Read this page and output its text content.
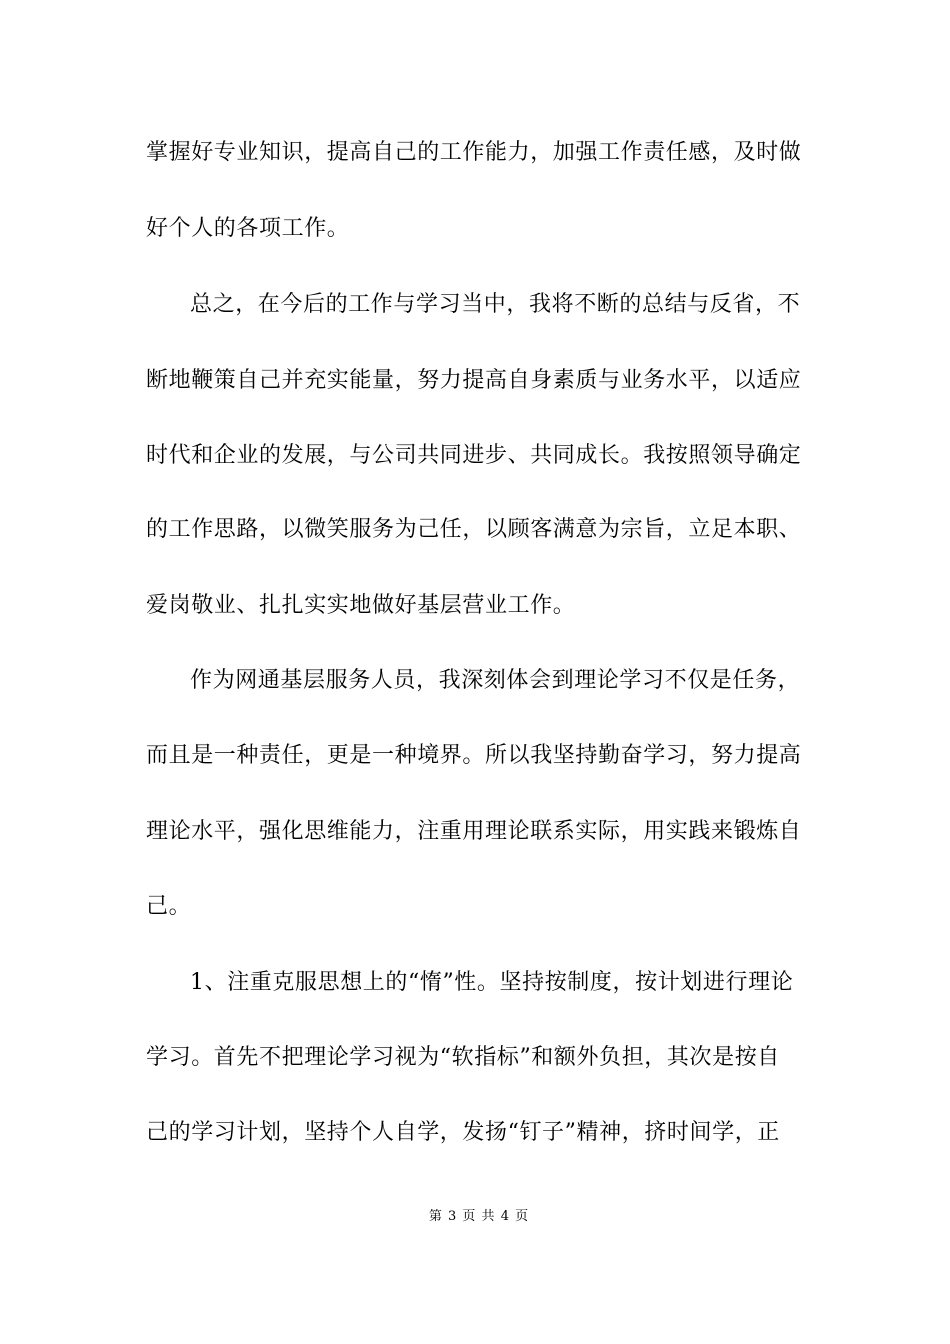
掌握好专业知识，提高自己的工作能力，加强工作责任感，及时做
好个人的各项工作。
总之，在今后的工作与学习当中，我将不断的总结与反省，不
断地鞭策自己并充实能量，努力提高自身素质与业务水平，以适应
时代和企业的发展，与公司共同进步、共同成长。我按照领导确定
的工作思路，以微笑服务为己任，以顾客满意为宗旨，立足本职、
爱岗敬业、扎扎实实地做好基层营业工作。
作为网通基层服务人员，我深刻体会到理论学习不仅是任务，
而且是一种责任，更是一种境界。所以我坚持勤奋学习，努力提高
理论水平，强化思维能力，注重用理论联系实际，用实践来锻炼自
己。
1、注重克服思想上的“惰”性。坚持按制度，按计划进行理论
学习。首先不把理论学习视为“软指标”和额外负担，其次是按自
己的学习计划，坚持个人自学，发扬“钉子”精神，挤时间学，正
第 3 页 共 4 页
